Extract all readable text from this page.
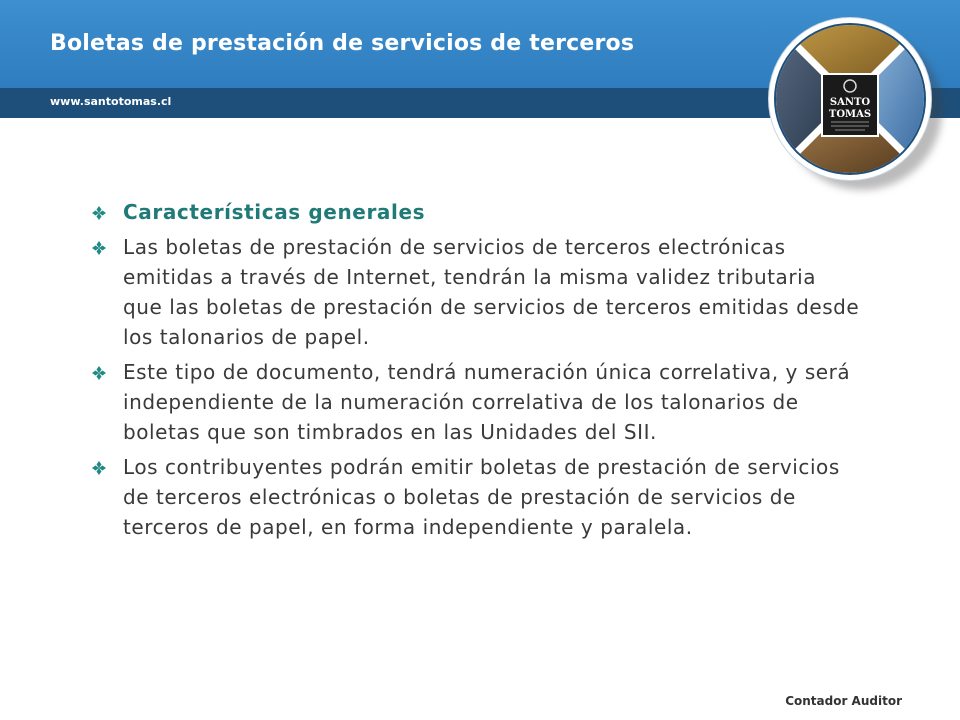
Boletas de prestación de servicios de terceros
www.santotomas.cl	SANTO
TOMAS
Características generales
Las boletas de prestación de servicios de terceros electrónicas emitidas a través de Internet, tendrán la misma validez tributaria que las boletas de prestación de servicios de terceros emitidas desde los talonarios de papel.
Este tipo de documento, tendrá numeración única correlativa, y será independiente de la numeración correlativa de los talonarios de boletas que son timbrados en las Unidades del SII.
Los contribuyentes podrán emitir boletas de prestación de servicios de terceros electrónicas o boletas de prestación de servicios de terceros de papel, en forma independiente y paralela.
Contador Auditor
